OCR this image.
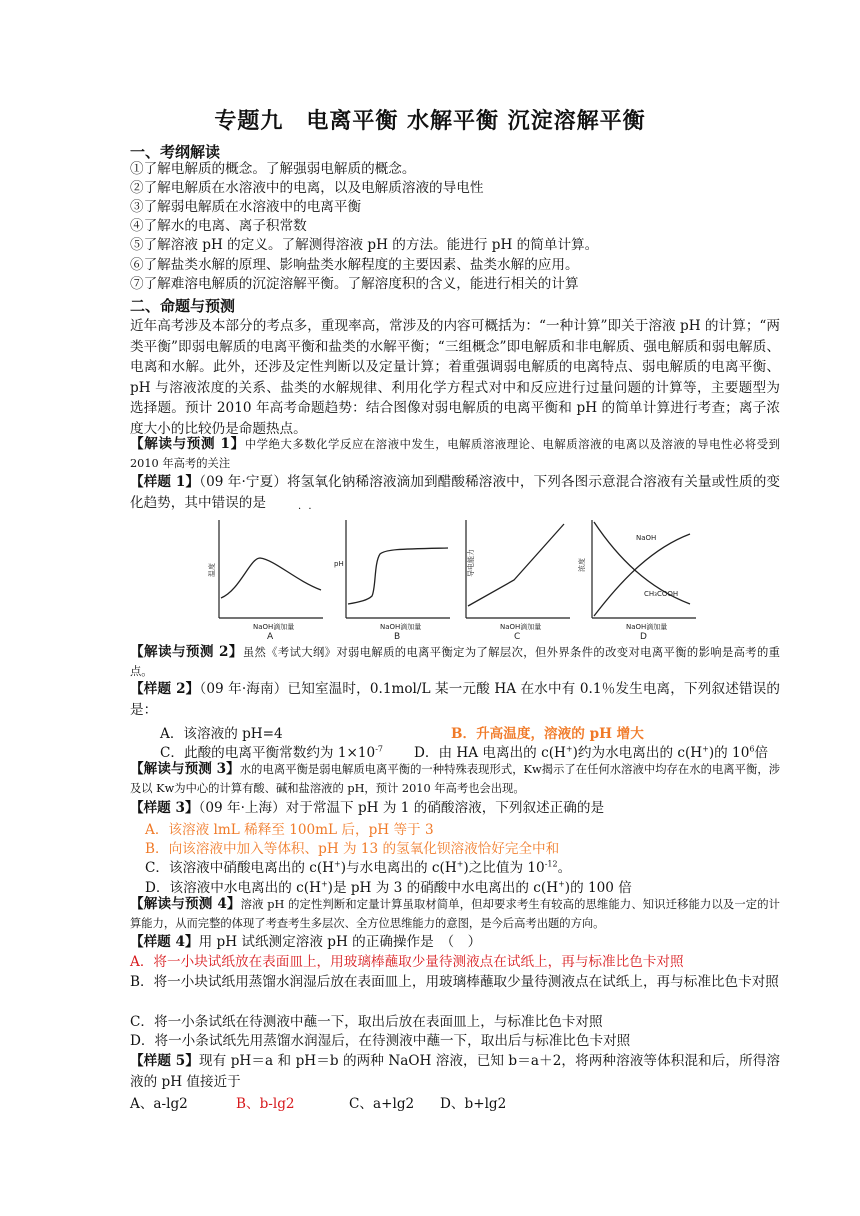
专题九　电离平衡 水解平衡 沉淀溶解平衡
一、考纲解读
①了解电解质的概念。了解强弱电解质的概念。
②了解电解质在水溶液中的电离，以及电解质溶液的导电性
③了解弱电解质在水溶液中的电离平衡
④了解水的电离、离子积常数
⑤了解溶液 pH 的定义。了解测得溶液 pH 的方法。能进行 pH 的简单计算。
⑥了解盐类水解的原理、影响盐类水解程度的主要因素、盐类水解的应用。
⑦了解难溶电解质的沉淀溶解平衡。了解溶度积的含义，能进行相关的计算
二、命题与预测
近年高考涉及本部分的考点多，重现率高，常涉及的内容可概括为：“一种计算”即关于溶液 pH 的计算；“两类平衡”即弱电解质的电离平衡和盐类的水解平衡；“三组概念”即电解质和非电解质、强电解质和弱电解质、电离和水解。此外，还涉及定性判断以及定量计算；着重强调弱电解质的电离特点、弱电解质的电离平衡、pH 与溶液浓度的关系、盐类的水解规律、利用化学方程式对中和反应进行过量问题的计算等，主要题型为选择题。预计 2010 年高考命题趋势：结合图像对弱电解质的电离平衡和 pH 的简单计算进行考查；离子浓度大小的比较仍是命题热点。
【解读与预测 1】中学绝大多数化学反应在溶液中发生，电解质溶液理论、电解质溶液的电离以及溶液的导电性必将受到 2010 年高考的关注
【样题 1】（09 年·宁夏）将氢氧化钠稀溶液滴加到醋酸稀溶液中，下列各图示意混合溶液有关量或性质的变化趋势，其中错误的是	· ·
温度
NaOH滴加量
A
pH
NaOH滴加量
B
导电能力
NaOH滴加量
C
浓度
NaOH
CH₃COOH
NaOH滴加量
D
【解读与预测 2】虽然《考试大纲》对弱电解质的电离平衡定为了解层次，但外界条件的改变对电离平衡的影响是高考的重点。
【样题 2】（09 年·海南）已知室温时，0.1mol/L 某一元酸 HA 在水中有 0.1％发生电离，下列叙述错误的是：
A．该溶液的 pH=4	B．升高温度，溶液的 pH 增大
C．此酸的电离平衡常数约为 $1\times 10^{-7}$ D．由 HA 电离出的 c(H+)约为水电离出的 c(H+)的 $10^6$倍
【解读与预测 3】水的电离平衡是弱电解质电离平衡的一种特殊表现形式，Kw揭示了在任何水溶液中均存在水的电离平衡，涉及以 Kw为中心的计算有酸、碱和盐溶液的 pH，预计 2010 年高考也会出现。
【样题 3】（09 年·上海）对于常温下 pH 为 1 的硝酸溶液，下列叙述正确的是
A．该溶液 lmL 稀释至 100mL 后，pH 等于 3
B．向该溶液中加入等体积、pH 为 13 的氢氧化钡溶液恰好完全中和
C．该溶液中硝酸电离出的 c(H+)与水电离出的 c(H+)之比值为 $10^{-12}$。
D．该溶液中水电离出的 c(H+)是 pH 为 3 的硝酸中水电离出的 c(H+)的 100 倍
【解读与预测 4】溶液 pH 的定性判断和定量计算虽取材简单，但却要求考生有较高的思维能力、知识迁移能力以及一定的计算能力，从而完整的体现了考查考生多层次、全方位思维能力的意图，是今后高考出题的方向。
【样题 4】用 pH 试纸测定溶液 pH 的正确操作是　（　）
A．将一小块试纸放在表面皿上，用玻璃棒蘸取少量待测液点在试纸上，再与标准比色卡对照
B．将一小块试纸用蒸馏水润湿后放在表面皿上，用玻璃棒蘸取少量待测液点在试纸上，再与标准比色卡对照
C．将一小条试纸在待测液中蘸一下，取出后放在表面皿上，与标准比色卡对照
D．将一小条试纸先用蒸馏水润湿后，在待测液中蘸一下，取出后与标准比色卡对照
【样题 5】现有 pH＝a 和 pH＝b 的两种 NaOH 溶液，已知 b＝a＋2，将两种溶液等体积混和后，所得溶液的 pH 值接近于
A、a-lg2	B、b-lg2	C、a+lg2 D、b+lg2
